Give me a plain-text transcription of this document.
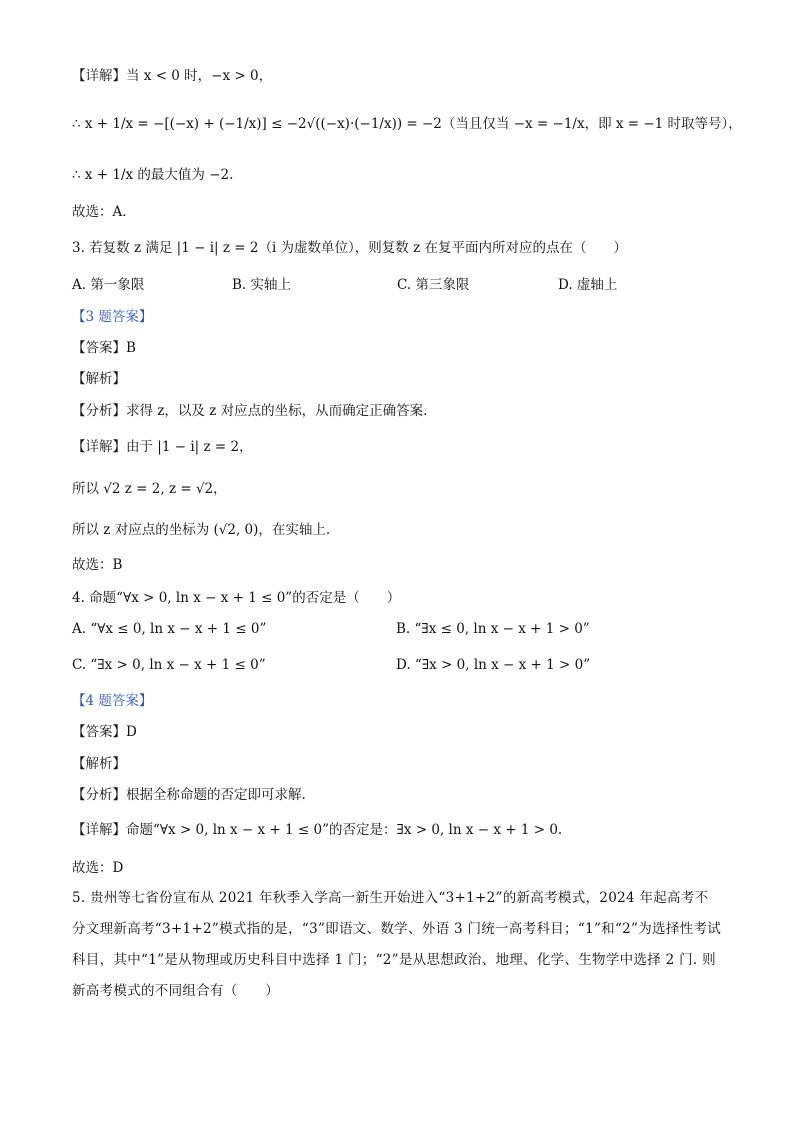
【详解】当 x < 0 时，−x > 0，
∴ x + 1/x = −[(−x) + (−1/x)] ≤ −2√((−x)·(−1/x)) = −2（当且仅当 −x = −1/x，即 x = −1 时取等号），
∴ x + 1/x 的最大值为 −2.
故选：A.
3. 若复数 z 满足 |1 − i| z = 2（i 为虚数单位），则复数 z 在复平面内所对应的点在（　　）
A. 第一象限	B. 实轴上	C. 第三象限	D. 虚轴上
【3 题答案】
【答案】B
【解析】
【分析】求得 z，以及 z 对应点的坐标，从而确定正确答案.
【详解】由于 |1 − i| z = 2，
所以 √2 z = 2, z = √2，
所以 z 对应点的坐标为 (√2, 0)，在实轴上.
故选：B
4. 命题“∀x > 0, ln x − x + 1 ≤ 0”的否定是（　　）
A. “∀x ≤ 0, ln x − x + 1 ≤ 0”	B. “∃x ≤ 0, ln x − x + 1 > 0”
C. “∃x > 0, ln x − x + 1 ≤ 0”	D. “∃x > 0, ln x − x + 1 > 0”
【4 题答案】
【答案】D
【解析】
【分析】根据全称命题的否定即可求解.
【详解】命题“∀x > 0, ln x − x + 1 ≤ 0”的否定是：∃x > 0, ln x − x + 1 > 0.
故选：D
5. 贵州等七省份宣布从 2021 年秋季入学高一新生开始进入“3+1+2”的新高考模式，2024 年起高考不分文理新高考“3+1+2”模式指的是，“3”即语文、数学、外语 3 门统一高考科目；“1”和“2”为选择性考试科目，其中“1”是从物理或历史科目中选择 1 门；“2”是从思想政治、地理、化学、生物学中选择 2 门. 则新高考模式的不同组合有（　　）
